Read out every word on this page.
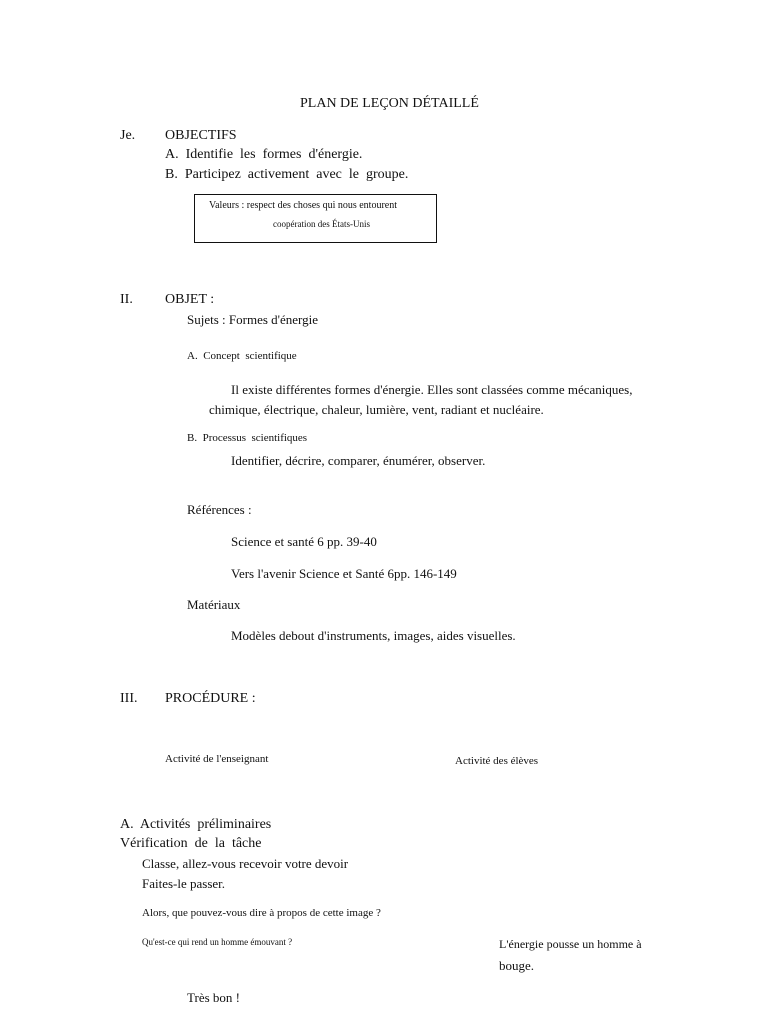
PLAN DE LEÇON DÉTAILLÉ
Je. OBJECTIFS
A.  Identifie  les  formes  d'énergie.
B.  Participez  activement  avec  le  groupe.
Valeurs : respect des choses qui nous entourent
coopération des États-Unis
II. OBJET :
Sujets : Formes d'énergie
A.  Concept  scientifique
Il existe différentes formes d'énergie. Elles sont classées comme mécaniques,
chimique, électrique, chaleur, lumière, vent, radiant et nucléaire.
B.  Processus  scientifiques
Identifier, décrire, comparer, énumérer, observer.
Références :
Science et santé 6 pp. 39-40
Vers l'avenir Science et Santé 6pp. 146-149
Matériaux
Modèles debout d'instruments, images, aides visuelles.
III. PROCÉDURE :
Activité de l'enseignant	Activité des élèves
A.  Activités  préliminaires
Vérification  de  la  tâche
Classe, allez-vous recevoir votre devoir
Faites-le passer.
Alors, que pouvez-vous dire à propos de cette image ?
Qu'est-ce qui rend un homme émouvant ?	L'énergie pousse un homme à
bouge.
Très bon !
